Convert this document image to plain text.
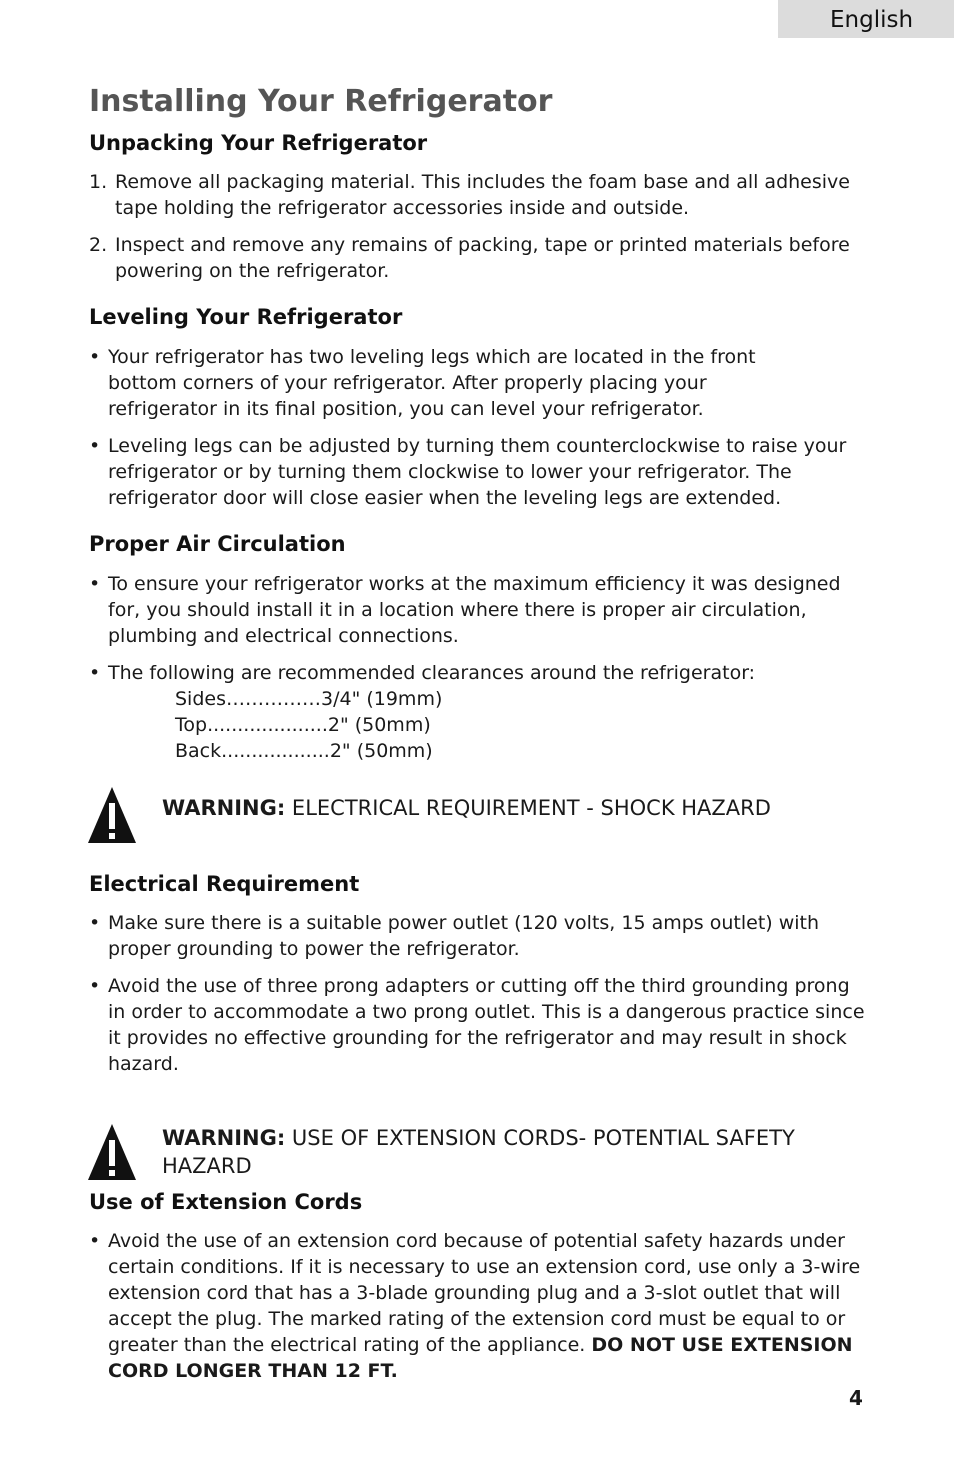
English
Installing Your Refrigerator
Unpacking Your Refrigerator
1. Remove all packaging material. This includes the foam base and all adhesive tape holding the refrigerator accessories inside and outside.
2. Inspect and remove any remains of packing, tape or printed materials before powering on the refrigerator.
Leveling Your Refrigerator
• Your refrigerator has two leveling legs which are located in the front bottom corners of your refrigerator. After properly placing your refrigerator in its final position, you can level your refrigerator.
• Leveling legs can be adjusted by turning them counterclockwise to raise your refrigerator or by turning them clockwise to lower your refrigerator. The refrigerator door will close easier when the leveling legs are extended.
Proper Air Circulation
• To ensure your refrigerator works at the maximum efficiency it was designed for, you should install it in a location where there is proper air circulation, plumbing and electrical connections.
• The following are recommended clearances around the refrigerator:
Sides……………3/4" (19mm)
Top....................2" (50mm)
Back..................2" (50mm)
WARNING: ELECTRICAL REQUIREMENT - SHOCK HAZARD
Electrical Requirement
• Make sure there is a suitable power outlet (120 volts, 15 amps outlet) with proper grounding to power the refrigerator.
• Avoid the use of three prong adapters or cutting off the third grounding prong in order to accommodate a two prong outlet. This is a dangerous practice since it provides no effective grounding for the refrigerator and may result in shock hazard.
WARNING: USE OF EXTENSION CORDS- POTENTIAL SAFETY HAZARD
Use of Extension Cords
• Avoid the use of an extension cord because of potential safety hazards under certain conditions. If it is necessary to use an extension cord, use only a 3-wire extension cord that has a 3-blade grounding plug and a 3-slot outlet that will accept the plug. The marked rating of the extension cord must be equal to or greater than the electrical rating of the appliance. DO NOT USE EXTENSION CORD LONGER THAN 12 FT.
4
